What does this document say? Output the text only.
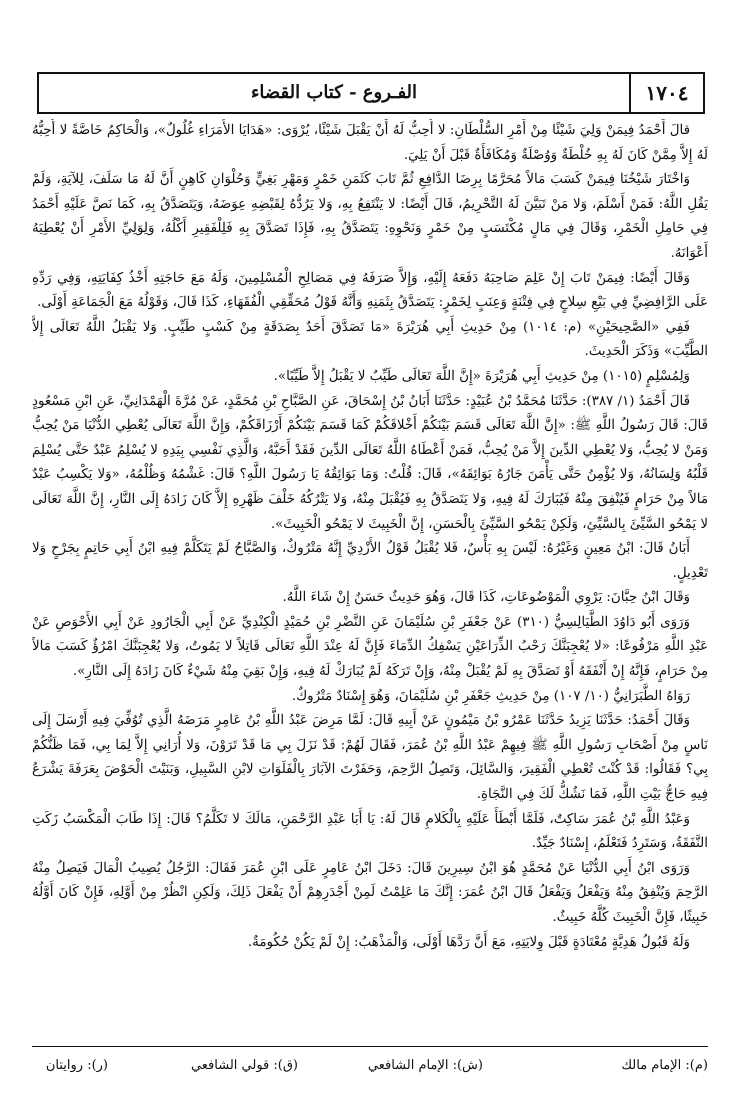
الفـروع - كتاب القضاء	١٧٠٤

قالَ أَحْمَدُ فِيمَنْ وَلِيَ شَيْئًا مِنْ أَمْرِ السُّلْطَانِ: لا أُحِبُّ لَهُ أَنْ يَقْبَلَ شَيْئًا، يُرْوَى: «هَدَايَا الأُمَرَاءِ غُلُولٌ»، وَالْحَاكِمُ خَاصَّةً لا أُحِبُّهُ لَهُ إِلاَّ مِمَّنْ كَانَ لَهُ بِهِ خُلْطَةٌ وَوُصْلَةٌ وَمُكَافَأَةٌ قَبْلَ أَنْ يَلِيَ.

وَاخْتَارَ شَيْخُنَا فِيمَنْ كَسَبَ مَالاً مُحَرَّمًا بِرِضَا الدَّافِعِ ثُمَّ تَابَ كَثَمَنِ خَمْرٍ وَمَهْرِ بَغِيٍّ وَحُلْوَانِ كَاهِنٍ أَنَّ لَهُ مَا سَلَفَ، لِلآيَةِ، وَلَمْ يَقُلِ اللَّهُ: فَمَنْ أَسْلَمَ، وَلا مَنْ تَبَيَّنَ لَهُ التَّحْرِيمُ، قَالَ أَيْضًا: لا يَنْتَفِعُ بِهِ، وَلا يَرُدُّهُ لِقَبْضِهِ عِوَضَهُ، وَيَتَصَدَّقُ بِهِ، كَمَا نَصَّ عَلَيْهِ أَحْمَدُ فِي حَامِلِ الْخَمْرِ، وَقَالَ فِي مَالٍ مُكْتَسَبٍ مِنْ خَمْرٍ وَنَحْوِهِ: يَتَصَدَّقُ بِهِ، فَإِذَا تَصَدَّقَ بِهِ فَلِلْفَقِيرِ أَكْلُهُ، وَلِوَلِيِّ الأَمْرِ أَنْ يُعْطِيَهُ أَعْوَانَهُ.

وَقَالَ أَيْضًا: فِيمَنْ تَابَ إِنْ عَلِمَ صَاحِبَهُ دَفَعَهُ إِلَيْهِ، وَإِلاَّ صَرَفَهُ فِي مَصَالِحِ الْمُسْلِمِينَ، وَلَهُ مَعَ حَاجَتِهِ أَخْذُ كِفَايَتِهِ، وَفِي رَدِّهِ عَلَى الرَّافِضِيِّ فِي بَيْعِ سِلاحٍ فِي فِتْنَةٍ وَعِنَبٍ لِخَمْرٍ: يَتَصَدَّقُ بِثَمَنِهِ وَأَنَّهُ قَوْلُ مُحَقِّقِي الْفُقَهَاءِ، كَذَا قَالَ، وَقَوْلُهُ مَعَ الْجَمَاعَةِ أَوْلَى.

فَفِي «الصَّحِيحَيْنِ» (م: ١٠١٤) مِنْ حَدِيثِ أَبِي هُرَيْرَةَ «مَا تَصَدَّقَ أَحَدٌ بِصَدَقَةٍ مِنْ كَسْبٍ طَيِّبٍ. وَلا يَقْبَلُ اللَّهُ تَعَالَى إِلاَّ الطَّيِّبَ» وَذَكَرَ الْحَدِيثَ.

وَلِمُسْلِمٍ (١٠١٥) مِنْ حَدِيثِ أَبِي هُرَيْرَةَ «إِنَّ اللَّهَ تَعَالَى طَيِّبٌ لا يَقْبَلُ إِلاَّ طَيِّبًا».

قَالَ أَحْمَدُ (١/ ٣٨٧): حَدَّثَنَا مُحَمَّدُ بْنُ عُبَيْدٍ: حَدَّثَنَا أَبَانُ بْنُ إِسْحَاقَ، عَنِ الصَّبَّاحِ بْنِ مُحَمَّدٍ، عَنْ مُرَّةَ الْهَمْدَانِيِّ، عَنِ ابْنِ مَسْعُودٍ قَالَ: قَالَ رَسُولُ اللَّهِ ﷺ: «إِنَّ اللَّهَ تَعَالَى قَسَمَ بَيْنَكُمْ أَخْلاقَكُمْ كَمَا قَسَمَ بَيْنَكُمْ أَرْزَاقَكُمْ، وَإِنَّ اللَّهَ تَعَالَى يُعْطِي الدُّنْيَا مَنْ يُحِبُّ وَمَنْ لا يُحِبُّ، وَلا يُعْطِي الدِّينَ إِلاَّ مَنْ يُحِبُّ، فَمَنْ أَعْطَاهُ اللَّهُ تَعَالَى الدِّينَ فَقَدْ أَحَبَّهُ، وَالَّذِي نَفْسِي بِيَدِهِ لا يُسْلِمُ عَبْدٌ حَتَّى يُسْلِمَ قَلْبُهُ وَلِسَانُهُ، وَلا يُؤْمِنُ حَتَّى يَأْمَنَ جَارُهُ بَوَائِقَهُ»، قَالَ: قُلْتُ: وَمَا بَوَائِقُهُ يَا رَسُولَ اللَّهِ؟ قَالَ: غَشْمُهُ وَظُلْمُهُ، «وَلا يَكْسِبُ عَبْدٌ مَالاً مِنْ حَرَامٍ فَيُنْفِقَ مِنْهُ فَيُبَارَكَ لَهُ فِيهِ، وَلا يَتَصَدَّقُ بِهِ فَيُقْبَلَ مِنْهُ، وَلا يَتْرُكُهُ خَلْفَ ظَهْرِهِ إِلاَّ كَانَ زَادَهُ إِلَى النَّارِ، إِنَّ اللَّهَ تَعَالَى لا يَمْحُو السَّيِّئَ بِالسَّيِّئِ، وَلَكِنْ يَمْحُو السَّيِّئَ بِالْحَسَنِ، إِنَّ الْخَبِيثَ لا يَمْحُو الْخَبِيثَ».

أَبَانُ قَالَ: ابْنُ مَعِينٍ وَغَيْرُهُ: لَيْسَ بِهِ بَأْسٌ، فَلا يُقْبَلُ قَوْلُ الأَزْدِيِّ إِنَّهُ مَتْرُوكٌ، وَالصَّبَّاحُ لَمْ يَتَكَلَّمْ فِيهِ ابْنُ أَبِي حَاتِمٍ بِجَرْحٍ وَلا تَعْدِيلٍ.

وَقَالَ ابْنُ حِبَّانَ: يَرْوِي الْمَوْضُوعَاتِ، كَذَا قَالَ، وَهُوَ حَدِيثٌ حَسَنٌ إِنْ شَاءَ اللَّهُ.

وَرَوَى أَبُو دَاوُدَ الطَّيَالِسِيُّ (٣١٠) عَنْ جَعْفَرِ بْنِ سُلَيْمَانَ عَنِ النَّضْرِ بْنِ حُمَيْدٍ الْكِنْدِيِّ عَنْ أَبِي الْجَارُودِ عَنْ أَبِي الأَحْوَصِ عَنْ عَبْدِ اللَّهِ مَرْفُوعًا: «لا يُعْجِبَنَّكَ رَحْبُ الذِّرَاعَيْنِ يَسْفِكُ الدِّمَاءَ فَإِنَّ لَهُ عِنْدَ اللَّهِ تَعَالَى قَاتِلاً لا يَمُوتُ، وَلا يُعْجِبَنَّكَ امْرُؤٌ كَسَبَ مَالاً مِنْ حَرَامٍ، فَإِنَّهُ إِنْ أَنْفَقَهُ أَوْ تَصَدَّقَ بِهِ لَمْ يُقْبَلْ مِنْهُ، وَإِنْ تَرَكَهُ لَمْ يُبَارَكْ لَهُ فِيهِ، وَإِنْ بَقِيَ مِنْهُ شَيْءٌ كَانَ زَادَهُ إِلَى النَّارِ».

رَوَاهُ الطَّبَرَانِيُّ (١٠/ ١٠٧) مِنْ حَدِيثِ جَعْفَرِ بْنِ سُلَيْمَانَ، وَهُوَ إِسْنَادٌ مَتْرُوكٌ.

وَقَالَ أَحْمَدُ: حَدَّثَنَا يَزِيدُ حَدَّثَنَا عَمْرُو بْنُ مَيْمُونٍ عَنْ أَبِيهِ قَالَ: لَمَّا مَرِضَ عَبْدُ اللَّهِ بْنُ عَامِرٍ مَرَضَهُ الَّذِي تُوُفِّيَ فِيهِ أَرْسَلَ إِلَى نَاسٍ مِنْ أَصْحَابِ رَسُولِ اللَّهِ ﷺ فِيهِمْ عَبْدُ اللَّهِ بْنُ عُمَرَ، فَقَالَ لَهُمْ: قَدْ نَزَلَ بِي مَا قَدْ تَرَوْنَ، وَلا أُرَانِي إِلاَّ لِمَا بِي، فَمَا ظَنُّكُمْ بِي؟ فَقَالُوا: قَدْ كُنْتَ تُعْطِي الْفَقِيرَ، وَالسَّائِلَ، وَتَصِلُ الرَّحِمَ، وَحَفَرْتَ الآبَارَ بِالْفَلَوَاتِ لابْنِ السَّبِيلِ، وَبَنَيْتَ الْحَوْضَ بِعَرَفَةَ يَشْرَعُ فِيهِ حَاجُّ بَيْتِ اللَّهِ، فَمَا نَشُكُّ لَكَ فِي النَّجَاةِ.

وَعَبْدُ اللَّهِ بْنُ عُمَرَ سَاكِتٌ، فَلَمَّا أَبْطَأَ عَلَيْهِ بِالْكَلامِ قَالَ لَهُ: يَا أَبَا عَبْدِ الرَّحْمَنِ، مَالَكَ لا تَكَلَّمُ؟ قَالَ: إِذَا طَابَ الْمَكْسَبُ زَكَتِ النَّفَقَةُ، وَسَتَرِدُ فَتَعْلَمُ، إِسْنَادٌ جَيِّدٌ.

وَرَوَى ابْنُ أَبِي الدُّنْيَا عَنْ مُحَمَّدٍ هُوَ ابْنُ سِيرِينَ قَالَ: دَخَلَ ابْنُ عَامِرٍ عَلَى ابْنِ عُمَرَ فَقَالَ: الرَّجُلُ يُصِيبُ الْمَالَ فَيَصِلُ مِنْهُ الرَّحِمَ وَيُنْفِقُ مِنْهُ وَيَفْعَلُ وَيَفْعَلُ قَالَ ابْنُ عُمَرَ: إِنَّكَ مَا عَلِمْتُ لَمِنْ أَجْدَرِهِمْ أَنْ يَفْعَلَ ذَلِكَ، وَلَكِنِ انْظُرْ مِنْ أَوَّلِهِ، فَإِنْ كَانَ أَوَّلُهُ خَبِيثًا، فَإِنَّ الْخَبِيثَ كُلَّهُ خَبِيثٌ.

وَلَهُ قَبُولُ هَدِيَّةٍ مُعْتَادَةٍ قَبْلَ وِلايَتِهِ، مَعَ أَنَّ رَدَّهَا أَوْلَى، وَالْمَذْهَبُ: إِنْ لَمْ يَكُنْ حُكُومَةٌ.

(م): الإمام مالك
(ش): الإمام الشافعي
(ق): قولي الشافعي
(ر): روايتان
